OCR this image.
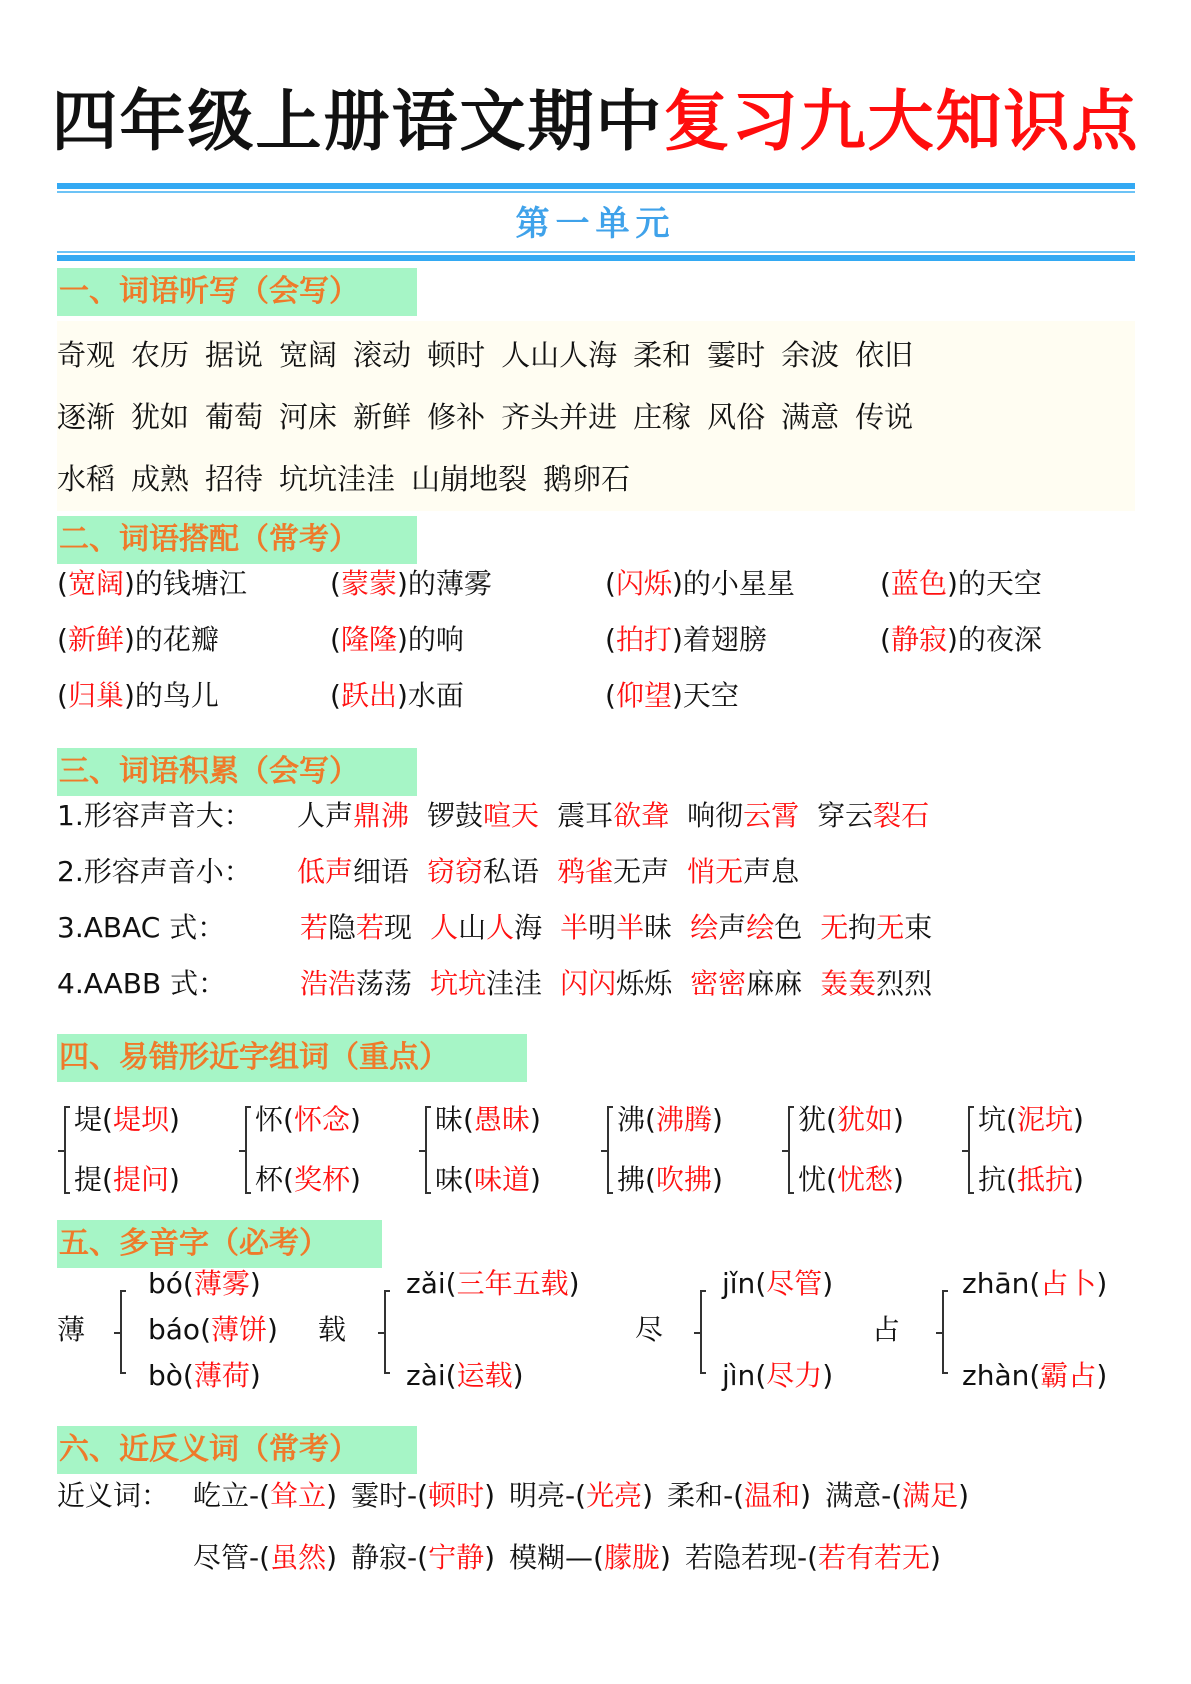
四年级上册语文期中复习九大知识点
第一单元
一、词语听写（会写）
奇观 农历 据说 宽阔 滚动 顿时 人山人海 柔和 霎时 余波 依旧
逐渐 犹如 葡萄 河床 新鲜 修补 齐头并进 庄稼 风俗 满意 传说
水稻 成熟 招待 坑坑洼洼 山崩地裂 鹅卵石
二、词语搭配（常考）
(宽阔)的钱塘江	(蒙蒙)的薄雾	(闪烁)的小星星	(蓝色)的天空
(新鲜)的花瓣	(隆隆)的响	(拍打)着翅膀	(静寂)的夜深
(归巢)的鸟儿	(跃出)水面	(仰望)天空
三、词语积累（会写）
1.形容声音大： 人声鼎沸 锣鼓喧天 震耳欲聋 响彻云霄 穿云裂石
2.形容声音小： 低声细语 窃窃私语 鸦雀无声 悄无声息
3.ABAC 式：	若隐若现 人山人海 半明半昧 绘声绘色 无拘无束
4.AABB 式：	浩浩荡荡 坑坑洼洼 闪闪烁烁 密密麻麻 轰轰烈烈
四、易错形近字组词（重点）
堤(堤坝)
提(提问)
怀(怀念)
杯(奖杯)
昧(愚昧)
味(味道)
沸(沸腾)
拂(吹拂)
犹(犹如)
忧(忧愁)
坑(泥坑)
抗(抵抗)
五、多音字（必考）
薄
bó(薄雾)
báo(薄饼)
bò(薄荷)
载
zǎi(三年五载)
zài(运载)
尽
jǐn(尽管)
jìn(尽力)
占
zhān(占卜)
zhàn(霸占)
六、近反义词（常考）
近义词： 屹立-(耸立) 霎时-(顿时) 明亮-(光亮) 柔和-(温和) 满意-(满足)
尽管-(虽然) 静寂-(宁静) 模糊—(朦胧) 若隐若现-(若有若无)
